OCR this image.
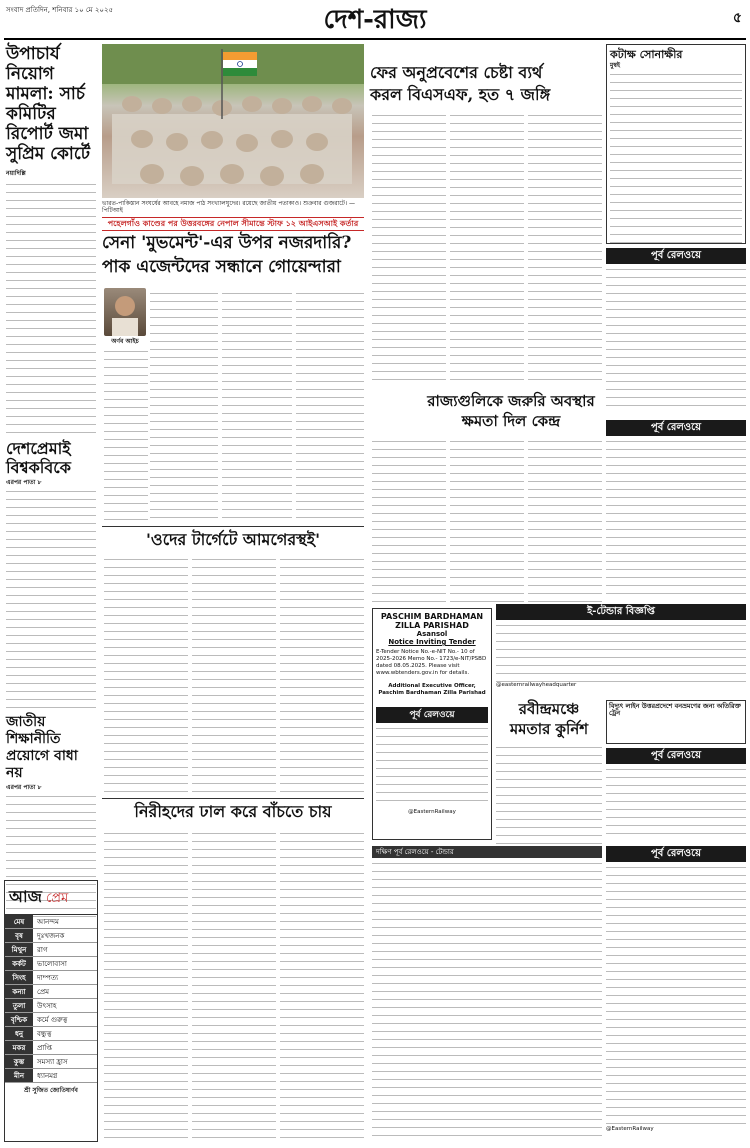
সংবাদ প্রতিদিন, শনিবার ১০ মে ২০২৫	দেশ-রাজ্য	৫
উপাচার্য নিয়োগ মামলা: সার্চ কমিটির রিপোর্ট জমা সুপ্রিম কোর্টে
নয়াদিল্লি
দেশপ্রেমাই বিশ্বকবিকে
এরপর পাতা ৮
জাতীয় শিক্ষানীতি প্রয়োগে বাধা নয়
এরপর পাতা ৮
আজ প্রেম
মেষ	আনন্দম
বৃষ	দুঃখজনক
মিথুন	রাগ
কর্কট	ভালোবাসা
সিংহ	দাম্পত্য
কন্যা	প্রেম
তুলা	উৎসাহ
বৃশ্চিক	কর্মে গুরুত্ব
ধনু	বন্ধুত্ব
মকর	প্রাপ্তি
কুম্ভ	সমস্যা হ্রাস
মীন	ধ্যানমগ্ন
শ্রী সুজিত জোতিষার্ণব
ভারত-পাকিস্তান সংঘর্ষের আবহে নমাজ পাঠ সংখ্যালঘুদের। রয়েছে জাতীয় পতাকাও। শুক্রবার গুজরাটে। —পিটিআই
পহেলগাঁও কাণ্ডের পর উত্তরবঙ্গের নেপাল সীমান্তে স্টাফ ১২ আইএসআই কর্তার
সেনা 'মুভমেন্ট'-এর উপর নজরদারি?
পাক এজেন্টদের সন্ধানে গোয়েন্দারা
অর্ণব আইচ
'ওদের টার্গেটে আমগেরস্থই'
নিরীহদের ঢাল করে বাঁচতে চায়
ফের অনুপ্রবেশের চেষ্টা ব্যর্থ
করল বিএসএফ, হত ৭ জঙ্গি
রাজ্যগুলিকে জরুরি অবস্থার
ক্ষমতা দিল কেন্দ্র
PASCHIM BARDHAMAN
ZILLA PARISHAD
Asansol
Notice Inviting Tender
E-Tender Notice No.-e-NIT No.- 10 of 2025-2026 Memo No.- 1723/e-NIT/PSBD dated 08.05.2025. Please visit www.wbtenders.gov.in for details.
Additional Executive Officer, Paschim Bardhaman Zilla Parishad
পূর্ব রেলওয়ে
@EasternRailway
রবীন্দ্রমঞ্চে
মমতার কুর্নিশ
দক্ষিণ পূর্ব রেলওয়ে - টেন্ডার
কটাক্ষ সোনাক্ষীর
মুম্বই
পূর্ব রেলওয়ে
পূর্ব রেলওয়ে
ই-টেন্ডার বিজ্ঞপ্তি
@easternrailwayheadquarter
বিদ্যুৎ লাইন উত্তরপ্রদেশে বনভ্রমণের জন্য অতিরিক্ত ট্রেন
পূর্ব রেলওয়ে
পূর্ব রেলওয়ে
@EasternRailway
